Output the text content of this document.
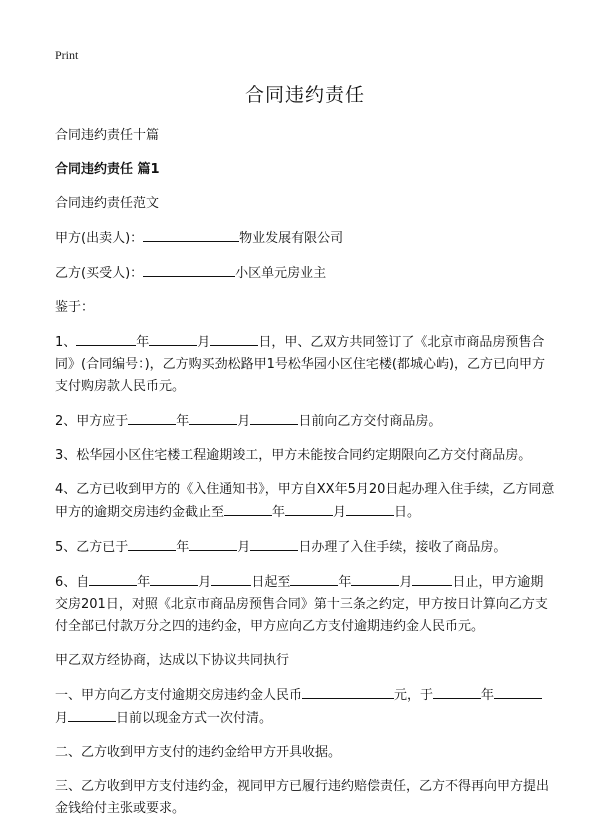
Print
合同违约责任

合同违约责任十篇

合同违约责任 篇1

合同违约责任范文

甲方(出卖人)：	物业发展有限公司

乙方(买受人)：	小区单元房业主

鉴于：

1、	年	月	日，甲、乙双方共同签订了《北京市商品房预售合同》(合同编号：)，乙方购买劲松路甲1号松华园小区住宅楼(都城心屿)，乙方已向甲方支付购房款人民币元。

2、甲方应于	年	月	日前向乙方交付商品房。

3、松华园小区住宅楼工程逾期竣工，甲方未能按合同约定期限向乙方交付商品房。

4、乙方已收到甲方的《入住通知书》，甲方自XX年5月20日起办理入住手续，乙方同意甲方的逾期交房违约金截止至	年	月	日。

5、乙方已于	年	月	日办理了入住手续，接收了商品房。

6、自	年	月	日起至	年	月	日止，甲方逾期交房201日，对照《北京市商品房预售合同》第十三条之约定，甲方按日计算向乙方支付全部已付款万分之四的违约金，甲方应向乙方支付逾期违约金人民币元。

甲乙双方经协商，达成以下协议共同执行

一、甲方向乙方支付逾期交房违约金人民币	元，于	年月	日前以现金方式一次付清。

二、乙方收到甲方支付的违约金给甲方开具收据。

三、乙方收到甲方支付违约金，视同甲方已履行违约赔偿责任，乙方不得再向甲方提出金钱给付主张或要求。
